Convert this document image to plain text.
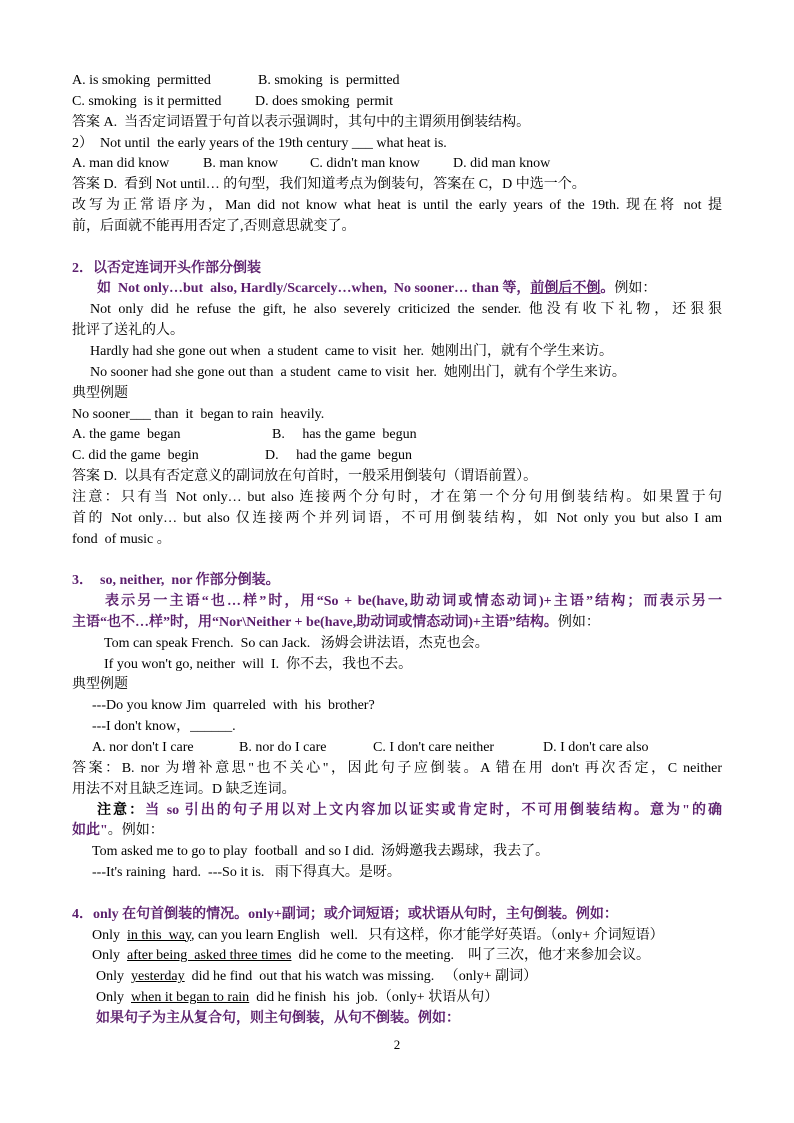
A. is smoking  permitted

	B. smoking  is  permitted

C. smoking  is it permitted

D. does smoking  permit

答案 A.  当否定词语置于句首以表示强调时，其句中的主谓须用倒装结构。
2）  Not until  the early years of the 19th century ___ what heat is.

A. man did know

B. man know

C. didn't man know

D. did man know

答案 D.  看到 Not until… 的句型，我们知道考点为倒装句，答案在 C，D 中选一个。
改写为正常语序为，Man did not know what heat is until the early years of the 19th. 现在将 not 提
前，后面就不能再用否定了,否则意思就变了。
2．以否定连词开头作部分倒装
如  Not only…but  also, Hardly/Scarcely…when,  No sooner… than 等，前倒后不倒。例如：
Not only did he refuse the gift, he also severely criticized the sender. 他没有收下礼物，还狠狠
批评了送礼的人。
Hardly had she gone out when  a student  came to visit  her.  她刚出门，就有个学生来访。
No sooner had she gone out than  a student  came to visit  her.  她刚出门，就有个学生来访。
典型例题
No sooner___ than  it  began to rain  heavily.

A. the game  began

	B.     has the game  begun

C. did the game  begin

	D.     had the game  begun

答案 D.  以具有否定意义的副词放在句首时，一般采用倒装句（谓语前置）。
注意：只有当 Not only… but also 连接两个分句时，才在第一个分句用倒装结构。如果置于句
首的 Not only… but also 仅连接两个并列词语，不可用倒装结构，如 Not only you but also I am
fond  of music 。
3．  so, neither,  nor 作部分倒装。
表示另一主语“也…样”时，用“So + be(have,助动词或情态动词)+主语”结构；而表示另一
主语“也不…样”时，用“Nor\Neither + be(have,助动词或情态动词)+主语”结构。例如：
Tom can speak French.  So can Jack.   汤姆会讲法语，杰克也会。
If you won't go, neither  will  I.  你不去，我也不去。
典型例题
---Do you know Jim  quarreled  with  his  brother?
---I don't know，______.

A. nor don't I care

	B. nor do I care

	C. I don't care neither

	D. I don't care also

答案：B. nor 为增补意思"也不关心"，因此句子应倒装。A 错在用 don't 再次否定，C neither
用法不对且缺乏连词。D 缺乏连词。
注意：当 so 引出的句子用以对上文内容加以证实或肯定时，不可用倒装结构。意为"的确
如此"。例如：
Tom asked me to go to play  football  and so I did.  汤姆邀我去踢球，我去了。
---It's raining  hard.  ---So it is.   雨下得真大。是呀。
4．only 在句首倒装的情况。only+副词；或介词短语；或状语从句时，主句倒装。例如：
Only  in this  way, can you learn English   well.   只有这样，你才能学好英语。（only+ 介词短语）
Only  after being  asked three times  did he come to the meeting.    叫了三次，他才来参加会议。
Only  yesterday  did he find  out that his watch was missing.   （only+ 副词）
Only  when it began to rain  did he finish  his  job.（only+ 状语从句）
如果句子为主从复合句，则主句倒装，从句不倒装。例如：
2
